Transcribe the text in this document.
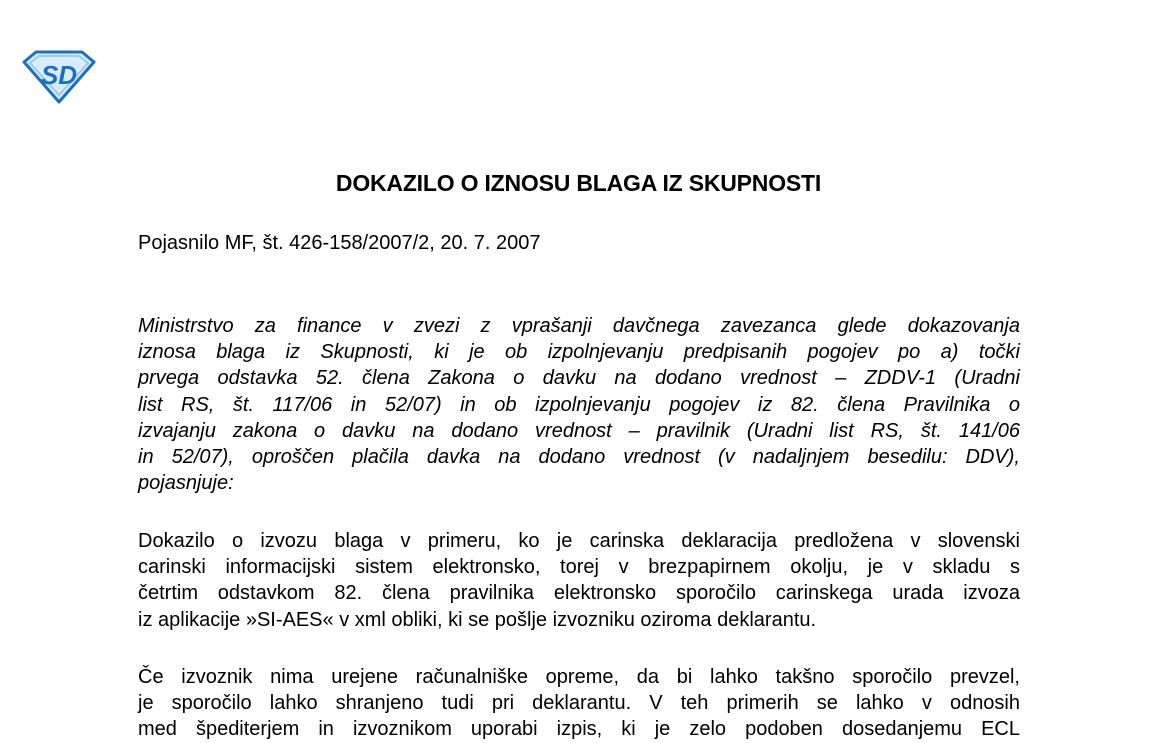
SD
DOKAZILO O IZNOSU BLAGA IZ SKUPNOSTI
Pojasnilo MF, št. 426-158/2007/2, 20. 7. 2007
Ministrstvo za finance v zvezi z vprašanji davčnega zavezanca glede dokazovanja
iznosa blaga iz Skupnosti, ki je ob izpolnjevanju predpisanih pogojev po a) točki
prvega odstavka 52. člena Zakona o davku na dodano vrednost – ZDDV-1 (Uradni
list RS, št. 117/06 in 52/07) in ob izpolnjevanju pogojev iz 82. člena Pravilnika o
izvajanju zakona o davku na dodano vrednost – pravilnik (Uradni list RS, št. 141/06
in 52/07), oproščen plačila davka na dodano vrednost (v nadaljnjem besedilu: DDV),
pojasnjuje:
Dokazilo o izvozu blaga v primeru, ko je carinska deklaracija predložena v slovenski
carinski informacijski sistem elektronsko, torej v brezpapirnem okolju, je v skladu s
četrtim odstavkom 82. člena pravilnika elektronsko sporočilo carinskega urada izvoza
iz aplikacije »SI-AES« v xml obliki, ki se pošlje izvozniku oziroma deklarantu.
Če izvoznik nima urejene računalniške opreme, da bi lahko takšno sporočilo prevzel,
je sporočilo lahko shranjeno tudi pri deklarantu. V teh primerih se lahko v odnosih
med špediterjem in izvoznikom uporabi izpis, ki je zelo podoben dosedanjemu ECL
